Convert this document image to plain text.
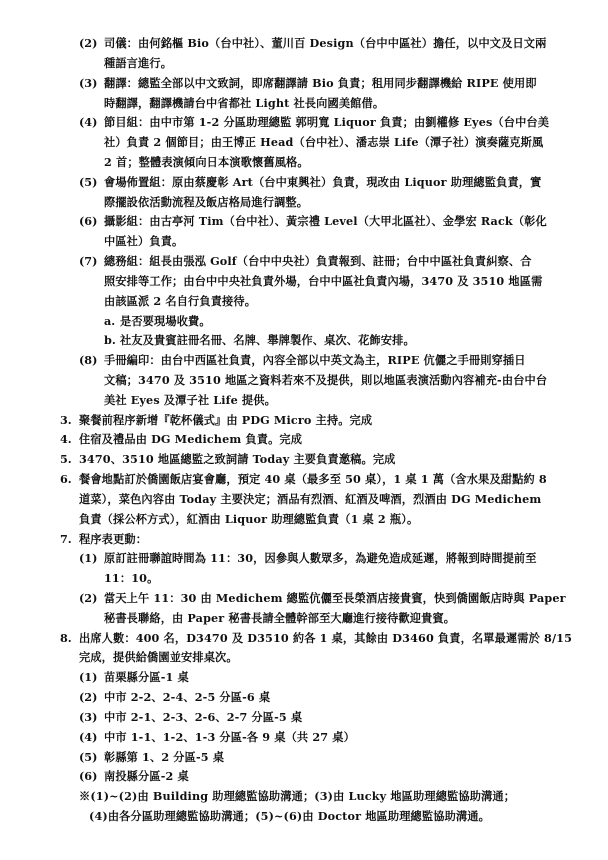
(2) 司儀：由何銘樞 Bio（台中社）、董川百 Design（台中中區社）擔任，以中文及日文兩
種語言進行。
(3) 翻譯：總監全部以中文致詞，即席翻譯請 Bio 負責；租用同步翻譯機給 RIPE 使用即
時翻譯，翻譯機請台中省都社 Light 社長向國美館借。
(4) 節目組：由中市第 1-2 分區助理總監 郭明寬 Liquor 負責；由劉權修 Eyes（台中台美
社）負責 2 個節目；由王博正 Head（台中社）、潘志崇 Life（潭子社）演奏薩克斯風
2 首；整體表演傾向日本演歌懷舊風格。
(5) 會場佈置組：原由蔡慶彰 Art（台中東興社）負責，現改由 Liquor 助理總監負責，實
際擺設依活動流程及飯店格局進行調整。
(6) 攝影組：由古亭河 Tim（台中社）、黃宗禮 Level（大甲北區社）、金學宏 Rack（彰化
中區社）負責。
(7) 總務組：組長由張泓 Golf（台中中央社）負責報到、註冊；台中中區社負責糾察、合
照安排等工作；由台中中央社負責外場，台中中區社負責內場，3470 及 3510 地區需
由該區派 2 名自行負責接待。
a. 是否要現場收費。
b. 社友及貴賓註冊名冊、名牌、舉牌製作、桌次、花飾安排。
(8) 手冊編印：由台中西區社負責，內容全部以中英文為主，RIPE 伉儷之手冊則穿插日
文稿；3470 及 3510 地區之資料若來不及提供，則以地區表演活動內容補充-由台中台
美社 Eyes 及潭子社 Life 提供。
3. 聚餐前程序新增『乾杯儀式』由 PDG Micro 主持。完成
4. 住宿及禮品由 DG Medichem 負責。完成
5. 3470、3510 地區總監之致詞請 Today 主要負責邀稿。完成
6. 餐會地點訂於僑園飯店宴會廳，預定 40 桌（最多至 50 桌），1 桌 1 萬（含水果及甜點約 8
道菜），菜色內容由 Today 主要決定；酒品有烈酒、紅酒及啤酒，烈酒由 DG Medichem
負責（採公杯方式），紅酒由 Liquor 助理總監負責（1 桌 2 瓶）。
7. 程序表更動：
(1) 原訂註冊聯誼時間為 11：30，因參與人數眾多，為避免造成延遲，將報到時間提前至
11：10。
(2) 當天上午 11：30 由 Medichem 總監伉儷至長榮酒店接貴賓，快到僑園飯店時與 Paper
秘書長聯絡，由 Paper 秘書長請全體幹部至大廳進行接待歡迎貴賓。
8. 出席人數：400 名，D3470 及 D3510 約各 1 桌，其餘由 D3460 負責，名單最遲需於 8/15
完成，提供給僑園並安排桌次。
(1) 苗栗縣分區-1 桌
(2) 中市 2-2、2-4、2-5 分區-6 桌
(3) 中市 2-1、2-3、2-6、2-7 分區-5 桌
(4) 中市 1-1、1-2、1-3 分區-各 9 桌（共 27 桌）
(5) 彰縣第 1、2 分區-5 桌
(6) 南投縣分區-2 桌
※(1)~(2)由 Building 助理總監協助溝通；(3)由 Lucky 地區助理總監協助溝通；
(4)由各分區助理總監協助溝通；(5)~(6)由 Doctor 地區助理總監協助溝通。
